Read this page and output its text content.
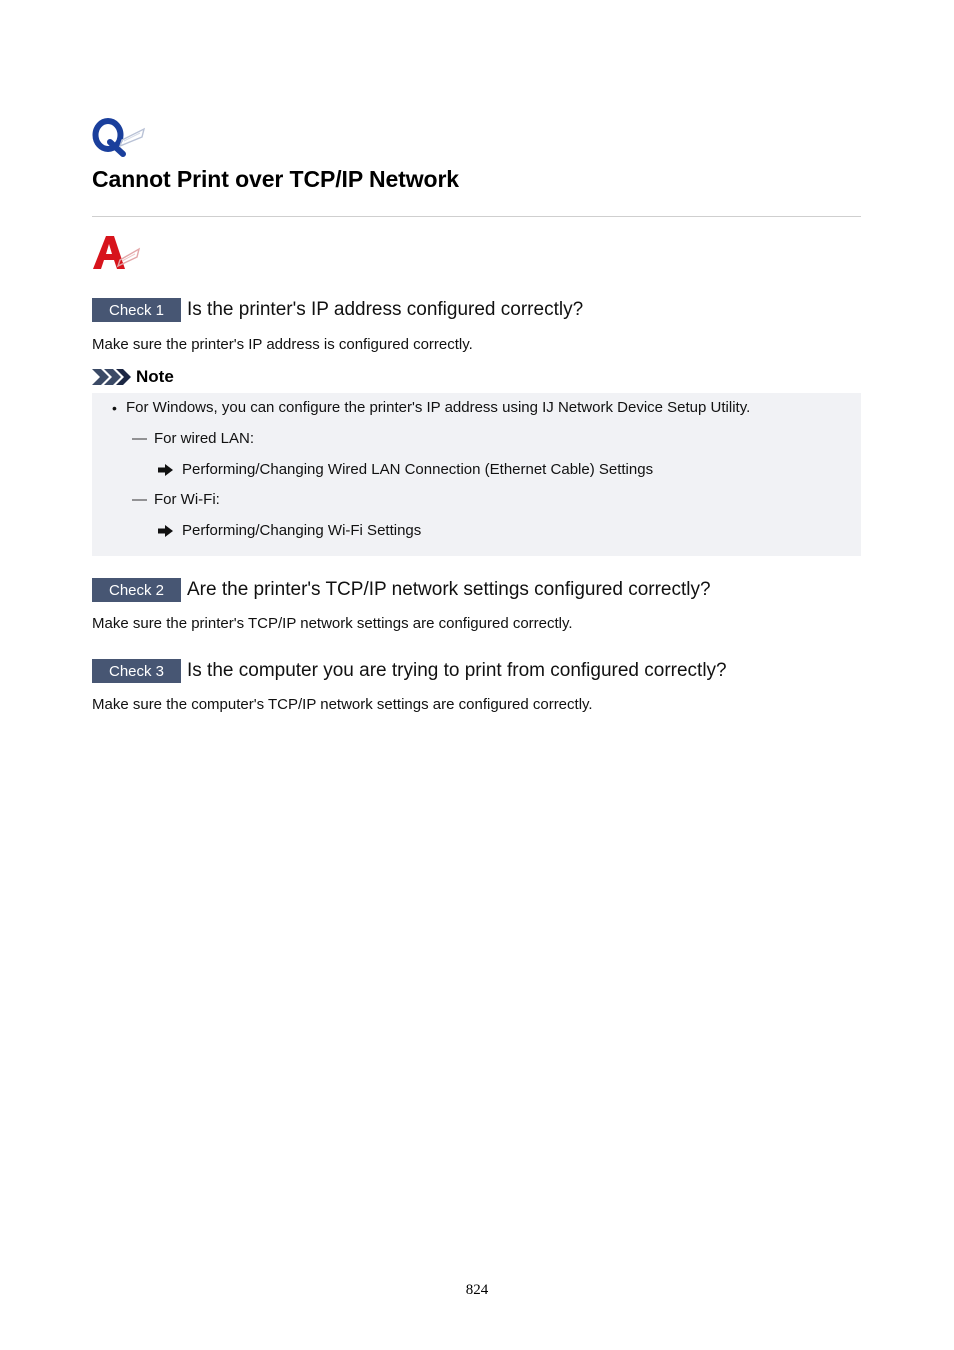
Cannot Print over TCP/IP Network
Check 1	Is the printer's IP address configured correctly?
Make sure the printer's IP address is configured correctly.
Note
• For Windows, you can configure the printer's IP address using IJ Network Device Setup Utility.
— For wired LAN:
Performing/Changing Wired LAN Connection (Ethernet Cable) Settings
— For Wi-Fi:
Performing/Changing Wi-Fi Settings
Check 2	Are the printer's TCP/IP network settings configured correctly?
Make sure the printer's TCP/IP network settings are configured correctly.
Check 3	Is the computer you are trying to print from configured correctly?
Make sure the computer's TCP/IP network settings are configured correctly.
824
